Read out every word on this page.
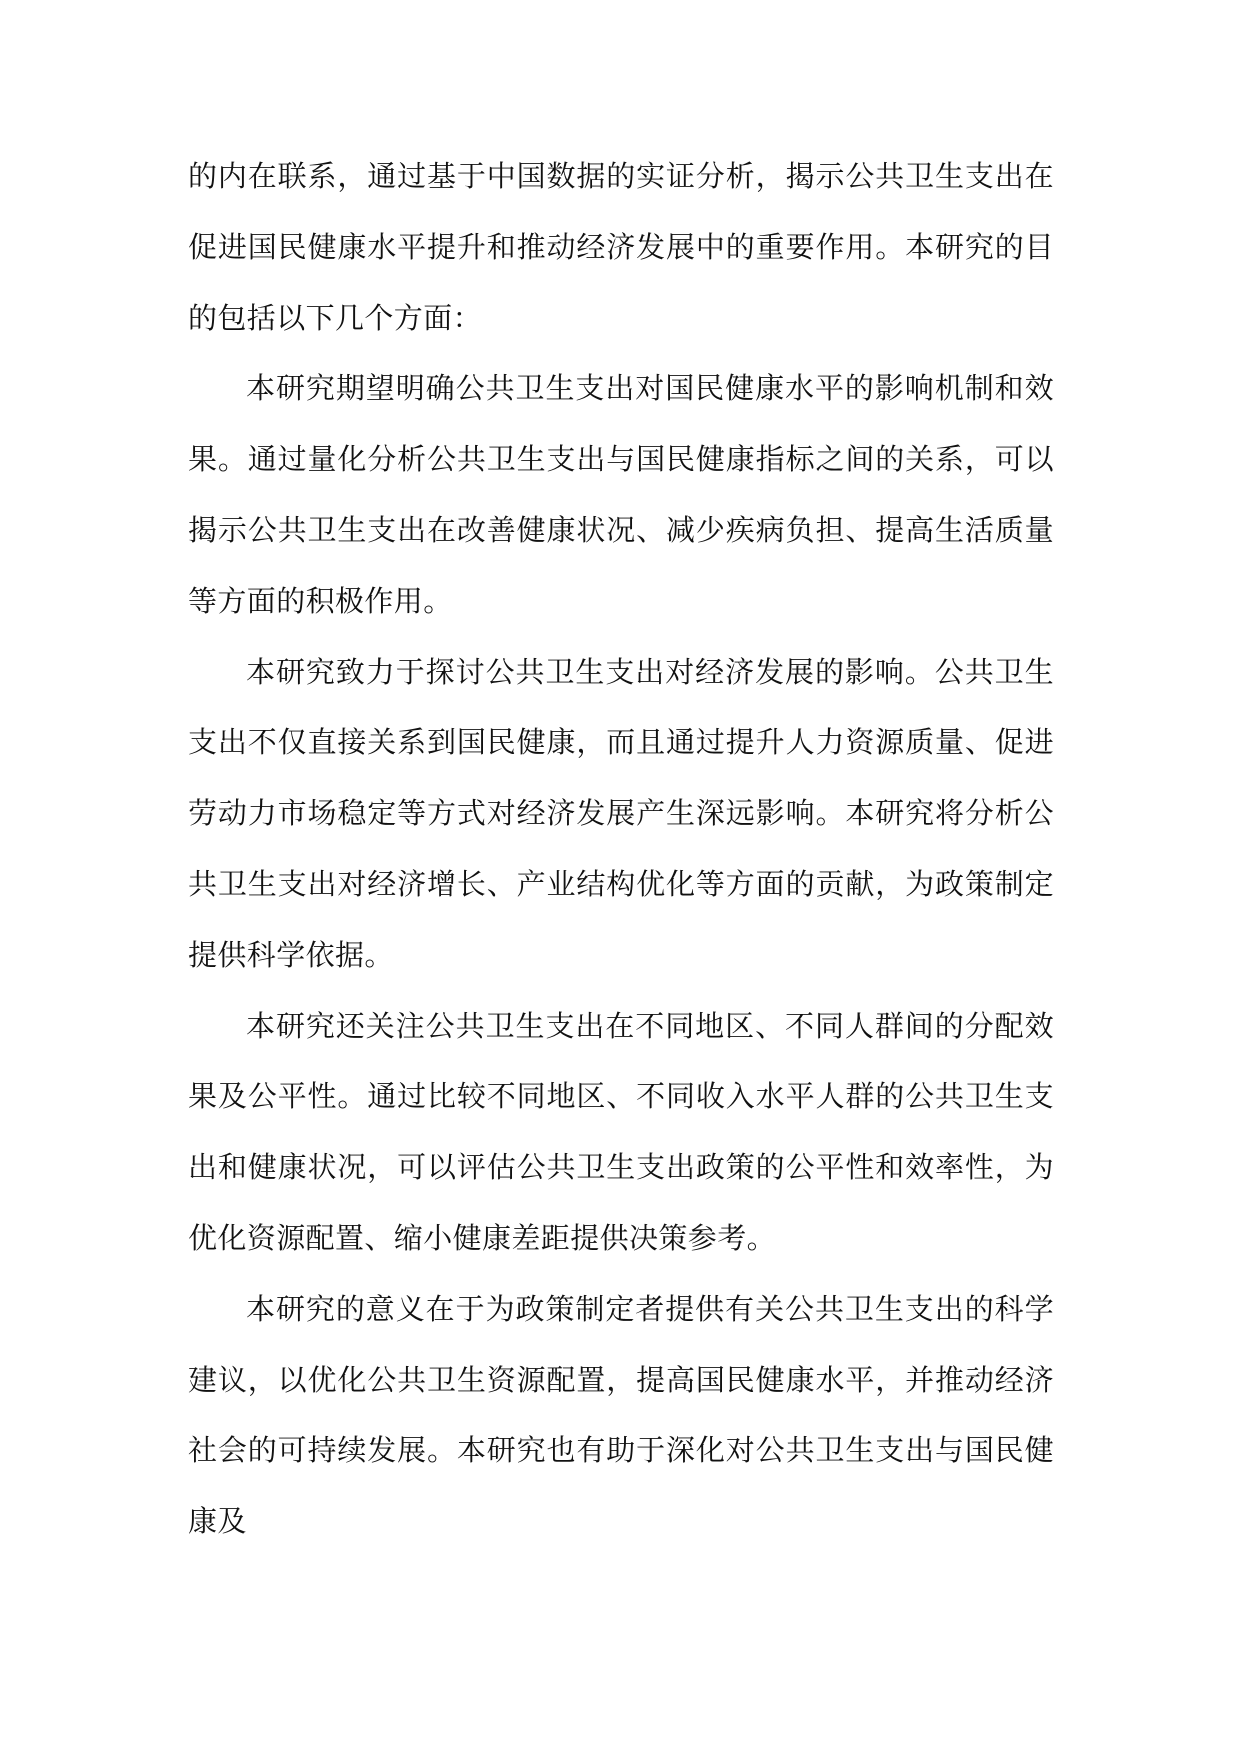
的内在联系，通过基于中国数据的实证分析，揭示公共卫生支出在促进国民健康水平提升和推动经济发展中的重要作用。本研究的目的包括以下几个方面：

本研究期望明确公共卫生支出对国民健康水平的影响机制和效果。通过量化分析公共卫生支出与国民健康指标之间的关系，可以揭示公共卫生支出在改善健康状况、减少疾病负担、提高生活质量等方面的积极作用。

本研究致力于探讨公共卫生支出对经济发展的影响。公共卫生支出不仅直接关系到国民健康，而且通过提升人力资源质量、促进劳动力市场稳定等方式对经济发展产生深远影响。本研究将分析公共卫生支出对经济增长、产业结构优化等方面的贡献，为政策制定提供科学依据。

本研究还关注公共卫生支出在不同地区、不同人群间的分配效果及公平性。通过比较不同地区、不同收入水平人群的公共卫生支出和健康状况，可以评估公共卫生支出政策的公平性和效率性，为优化资源配置、缩小健康差距提供决策参考。

本研究的意义在于为政策制定者提供有关公共卫生支出的科学建议，以优化公共卫生资源配置，提高国民健康水平，并推动经济社会的可持续发展。本研究也有助于深化对公共卫生支出与国民健康及
